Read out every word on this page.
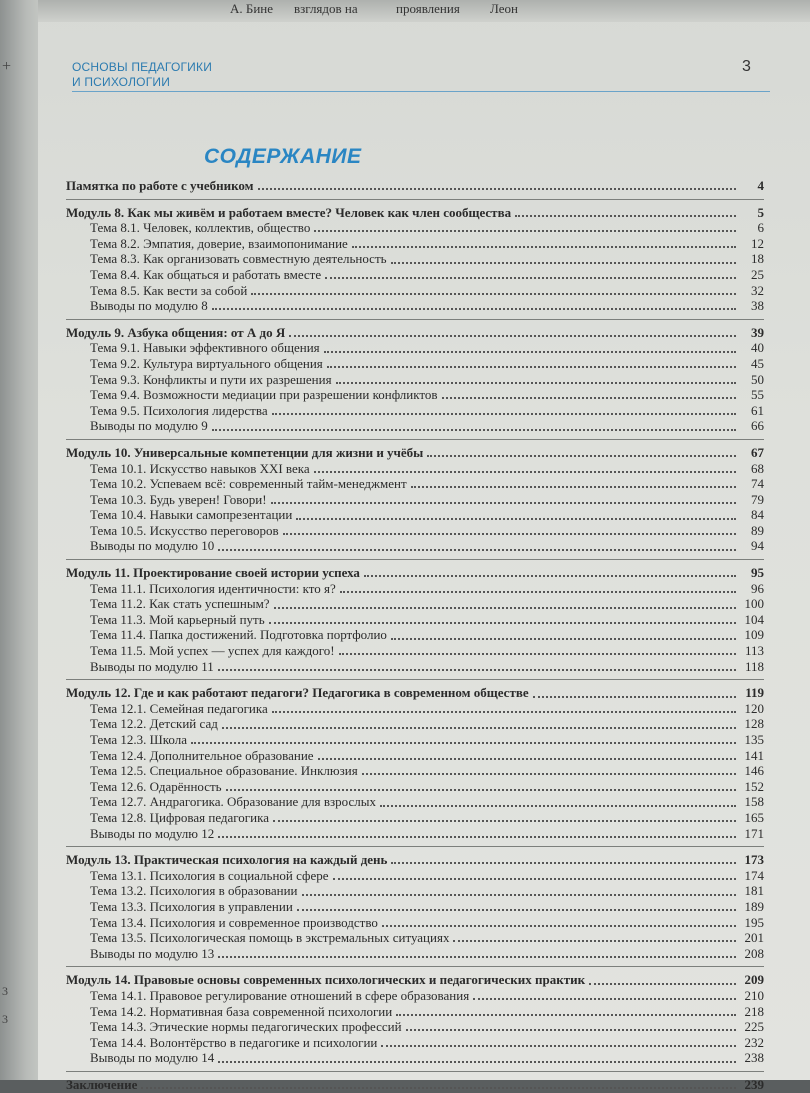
+
3
3
A. Бине взглядов на	проявления Леон
ОСНОВЫ ПЕДАГОГИКИ
И ПСИХОЛОГИИ
3
СОДЕРЖАНИЕ
Памятка по работе с учебником	4
Модуль 8. Как мы живём и работаем вместе? Человек как член сообщества	5
Тема 8.1. Человек, коллектив, общество	6
Тема 8.2. Эмпатия, доверие, взаимопонимание	12
Тема 8.3. Как организовать совместную деятельность	18
Тема 8.4. Как общаться и работать вместе	25
Тема 8.5. Как вести за собой	32
Выводы по модулю 8	38
Модуль 9. Азбука общения: от А до Я	39
Тема 9.1. Навыки эффективного общения	40
Тема 9.2. Культура виртуального общения	45
Тема 9.3. Конфликты и пути их разрешения	50
Тема 9.4. Возможности медиации при разрешении конфликтов	55
Тема 9.5. Психология лидерства	61
Выводы по модулю 9	66
Модуль 10. Универсальные компетенции для жизни и учёбы	67
Тема 10.1. Искусство навыков XXI века	68
Тема 10.2. Успеваем всё: современный тайм-менеджмент	74
Тема 10.3. Будь уверен! Говори!	79
Тема 10.4. Навыки самопрезентации	84
Тема 10.5. Искусство переговоров	89
Выводы по модулю 10	94
Модуль 11. Проектирование своей истории успеха	95
Тема 11.1. Психология идентичности: кто я?	96
Тема 11.2. Как стать успешным?	100
Тема 11.3. Мой карьерный путь	104
Тема 11.4. Папка достижений. Подготовка портфолио	109
Тема 11.5. Мой успех — успех для каждого!	113
Выводы по модулю 11	118
Модуль 12. Где и как работают педагоги? Педагогика в современном обществе	119
Тема 12.1. Семейная педагогика	120
Тема 12.2. Детский сад	128
Тема 12.3. Школа	135
Тема 12.4. Дополнительное образование	141
Тема 12.5. Специальное образование. Инклюзия	146
Тема 12.6. Одарённость	152
Тема 12.7. Андрагогика. Образование для взрослых	158
Тема 12.8. Цифровая педагогика	165
Выводы по модулю 12	171
Модуль 13. Практическая психология на каждый день	173
Тема 13.1. Психология в социальной сфере	174
Тема 13.2. Психология в образовании	181
Тема 13.3. Психология в управлении	189
Тема 13.4. Психология и современное производство	195
Тема 13.5. Психологическая помощь в экстремальных ситуациях	201
Выводы по модулю 13	208
Модуль 14. Правовые основы современных психологических и педагогических практик	209
Тема 14.1. Правовое регулирование отношений в сфере образования	210
Тема 14.2. Нормативная база современной психологии	218
Тема 14.3. Этические нормы педагогических профессий	225
Тема 14.4. Волонтёрство в педагогике и психологии	232
Выводы по модулю 14	238
Заключение	239
